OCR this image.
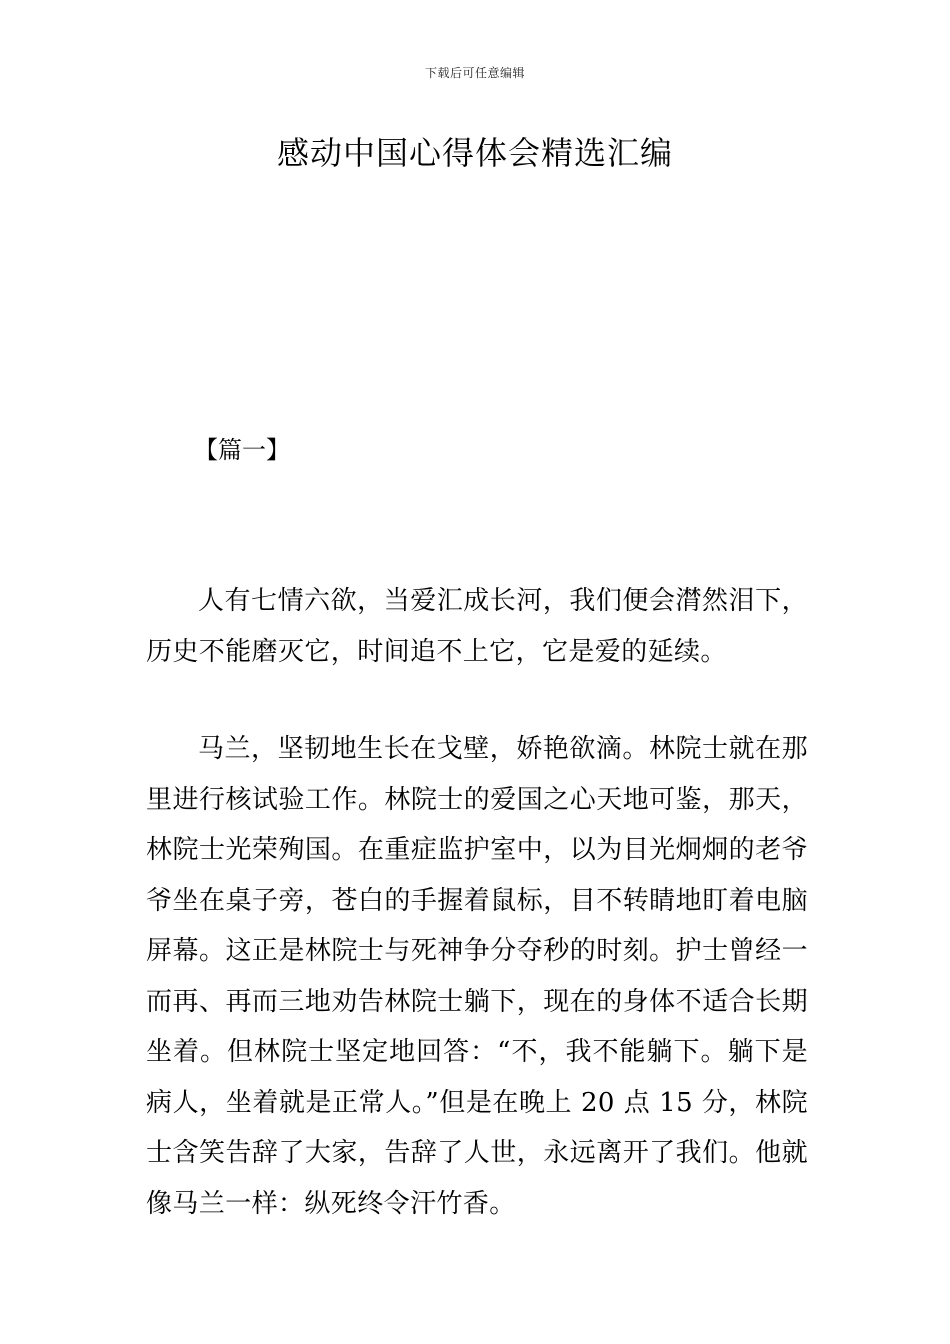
下载后可任意编辑
感动中国心得体会精选汇编
【篇一】

人有七情六欲，当爱汇成长河，我们便会潸然泪下，历史不能磨灭它，时间追不上它，它是爱的延续。

马兰，坚韧地生长在戈壁，娇艳欲滴。林院士就在那里进行核试验工作。林院士的爱国之心天地可鉴，那天，林院士光荣殉国。在重症监护室中，以为目光炯炯的老爷爷坐在桌子旁，苍白的手握着鼠标，目不转睛地盯着电脑屏幕。这正是林院士与死神争分夺秒的时刻。护士曾经一而再、再而三地劝告林院士躺下，现在的身体不适合长期坐着。但林院士坚定地回答：“不，我不能躺下。躺下是病人，坐着就是正常人。”但是在晚上 20 点 15 分，林院士含笑告辞了大家，告辞了人世，永远离开了我们。他就像马兰一样：纵死终令汗竹香。
